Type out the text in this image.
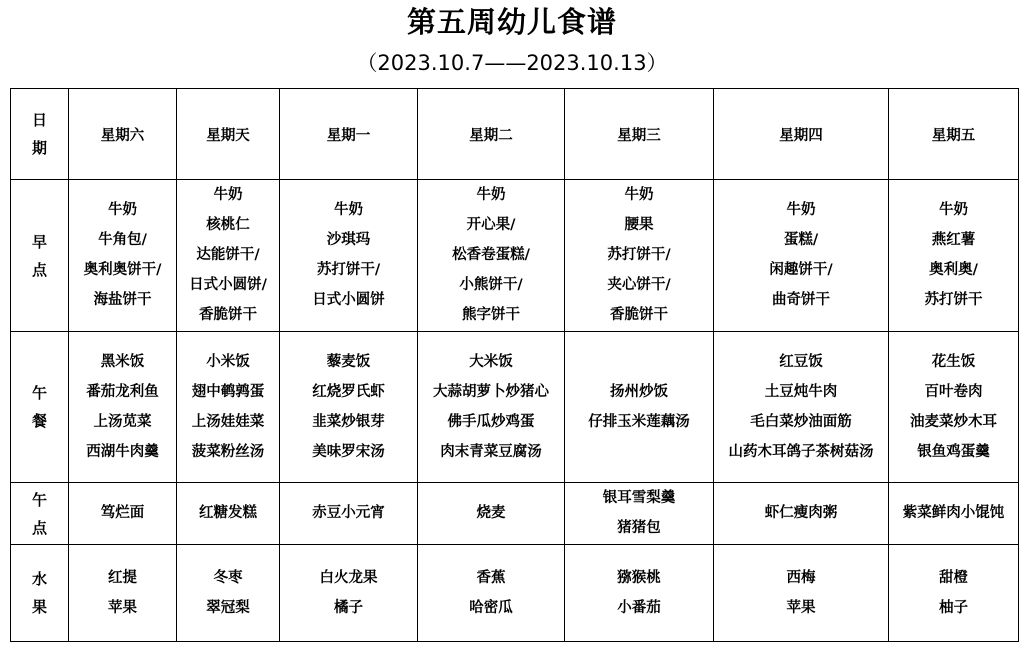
第五周幼儿食谱
（2023.10.7——2023.10.13）
日
期	星期六	星期天	星期一	星期二	星期三	星期四	星期五

早
点	牛奶
牛角包/
奥利奥饼干/
海盐饼干	牛奶
核桃仁
达能饼干/
日式小圆饼/
香脆饼干	牛奶
沙琪玛
苏打饼干/
日式小圆饼	牛奶
开心果/
松香卷蛋糕/
小熊饼干/
熊字饼干	牛奶
腰果
苏打饼干/
夹心饼干/
香脆饼干	牛奶
蛋糕/
闲趣饼干/
曲奇饼干	牛奶
燕红薯
奥利奥/
苏打饼干

午
餐	黑米饭
番茄龙利鱼
上汤苋菜
西湖牛肉羹	小米饭
翅中鹌鹑蛋
上汤娃娃菜
菠菜粉丝汤	藜麦饭
红烧罗氏虾
韭菜炒银芽
美味罗宋汤	大米饭
大蒜胡萝卜炒猪心
佛手瓜炒鸡蛋
肉末青菜豆腐汤	扬州炒饭
仔排玉米莲藕汤	红豆饭
土豆炖牛肉
毛白菜炒油面筋
山药木耳鸽子茶树菇汤	花生饭
百叶卷肉
油麦菜炒木耳
银鱼鸡蛋羹

午
点	笃烂面	红糖发糕	赤豆小元宵	烧麦	银耳雪梨羹
猪猪包	虾仁瘦肉粥	紫菜鲜肉小馄饨

水
果	红提
苹果	冬枣
翠冠梨	白火龙果
橘子	香蕉
哈密瓜	猕猴桃
小番茄	西梅
苹果	甜橙
柚子
